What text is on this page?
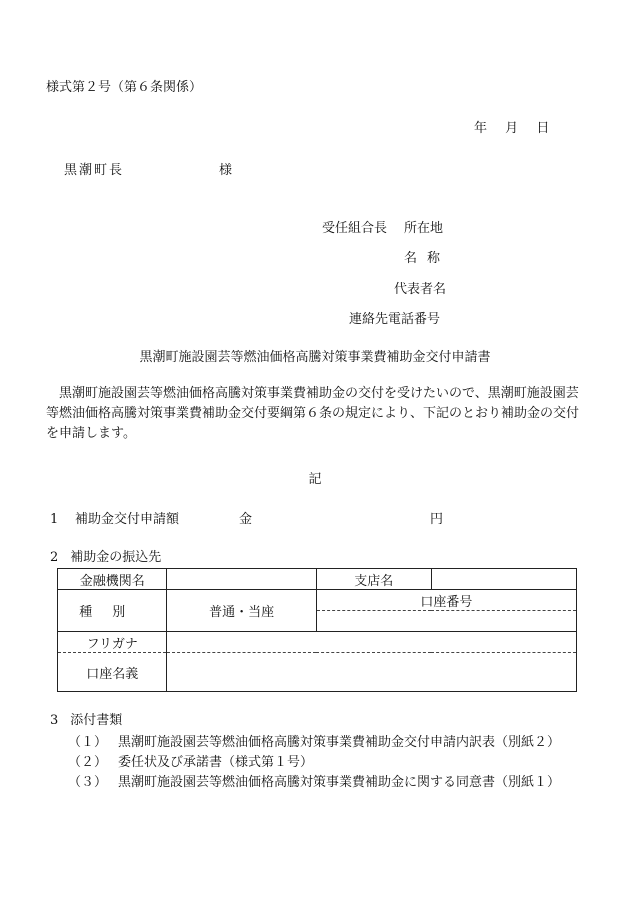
様式第２号（第６条関係）
年 月 日
黒潮町長	様
受任組合長 所在地
名称
代表者名
連絡先電話番号
黒潮町施設園芸等燃油価格高騰対策事業費補助金交付申請書
黒潮町施設園芸等燃油価格高騰対策事業費補助金の交付を受けたいので、黒潮町施設園芸等燃油価格高騰対策事業費補助金交付要綱第６条の規定により、下記のとおり補助金の交付を申請します。
記
1 補助金交付申請額	金	円
2 補助金の振込先
金融機関名		支店名	
種別	普通・当座	口座番号	

フリガナ			
口座名義			
3 添付書類
（１） 黒潮町施設園芸等燃油価格高騰対策事業費補助金交付申請内訳表（別紙２）
（２） 委任状及び承諾書（様式第１号）
（３） 黒潮町施設園芸等燃油価格高騰対策事業費補助金に関する同意書（別紙１）
